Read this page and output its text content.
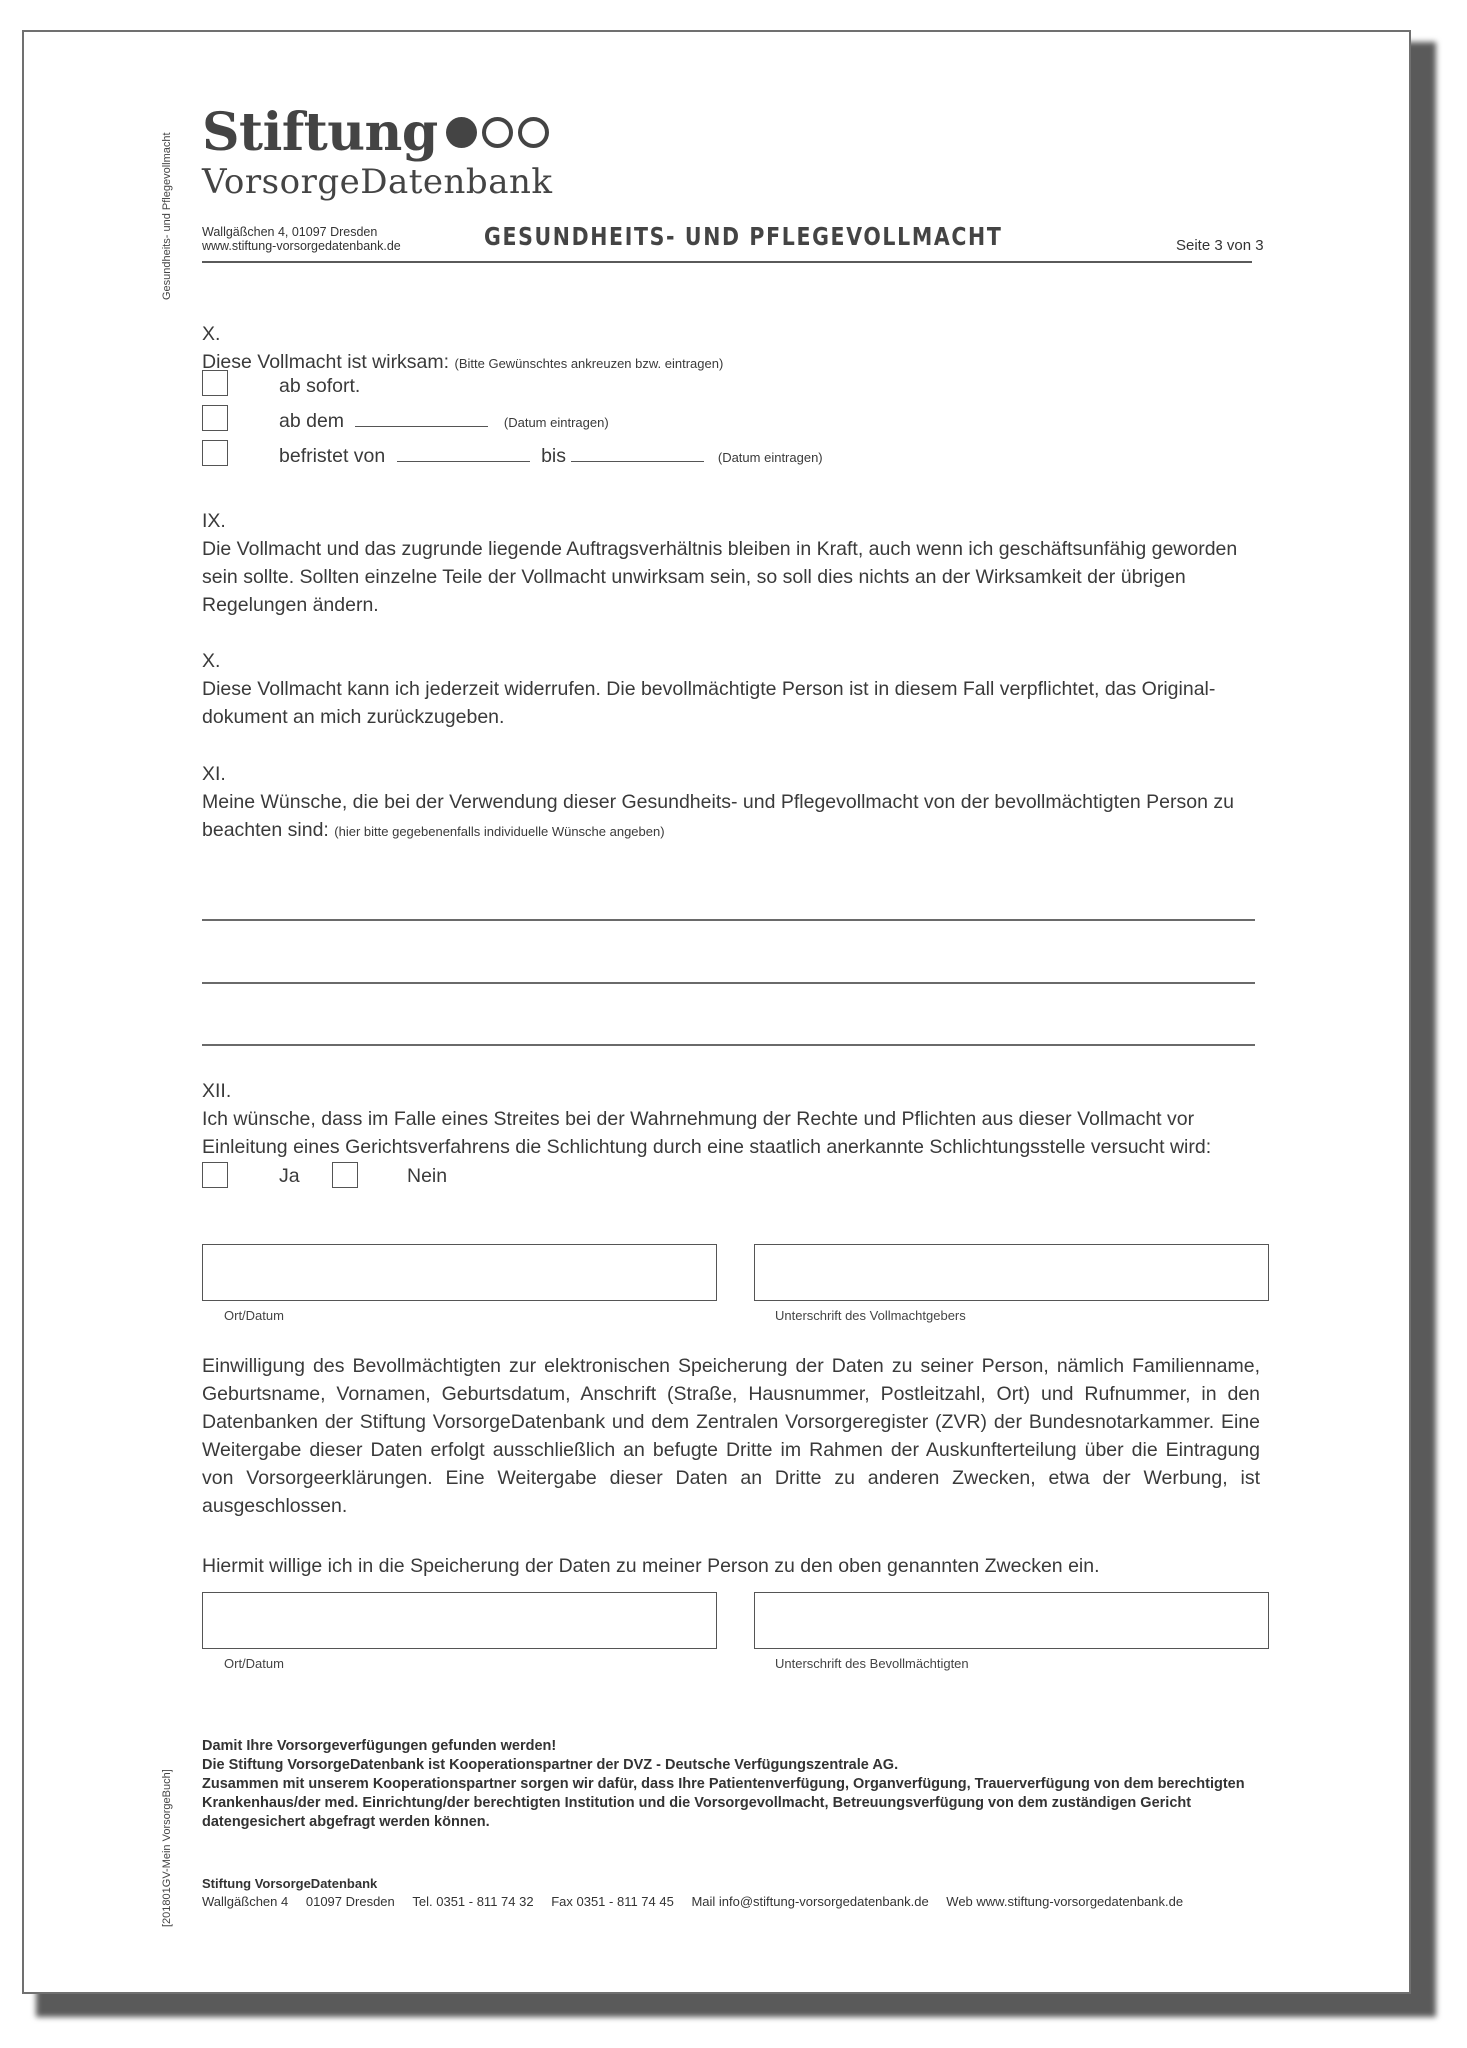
Gesundheits- und Pflegevollmacht
[201801GV-Mein VorsorgeBuch]
Stiftung
VorsorgeDatenbank
Wallgäßchen 4, 01097 Dresden
www.stiftung-vorsorgedatenbank.de	GESUNDHEITS- UND PFLEGEVOLLMACHT	Seite 3 von 3
X.
Diese Vollmacht ist wirksam: (Bitte Gewünschtes ankreuzen bzw. eintragen)
ab sofort.
ab dem	(Datum eintragen)
befristet von	bis	(Datum eintragen)
IX.
Die Vollmacht und das zugrunde liegende Auftragsverhältnis bleiben in Kraft, auch wenn ich geschäftsunfähig geworden sein sollte. Sollten einzelne Teile der Vollmacht unwirksam sein, so soll dies nichts an der Wirksamkeit der übrigen Regelungen ändern.
X.
Diese Vollmacht kann ich jederzeit widerrufen. Die bevollmächtigte Person ist in diesem Fall verpflichtet, das Original-dokument an mich zurückzugeben.
XI.
Meine Wünsche, die bei der Verwendung dieser Gesundheits- und Pflegevollmacht von der bevollmächtigten Person zu beachten sind: (hier bitte gegebenenfalls individuelle Wünsche angeben)
XII.
Ich wünsche, dass im Falle eines Streites bei der Wahrnehmung der Rechte und Pflichten aus dieser Vollmacht vor Einleitung eines Gerichtsverfahrens die Schlichtung durch eine staatlich anerkannte Schlichtungsstelle versucht wird:
Ja	Nein
Ort/Datum	Unterschrift des Vollmachtgebers
Einwilligung des Bevollmächtigten zur elektronischen Speicherung der Daten zu seiner Person, nämlich Familienname, Geburtsname, Vornamen, Geburtsdatum, Anschrift (Straße, Hausnummer, Postleitzahl, Ort) und Rufnummer, in den Datenbanken der Stiftung VorsorgeDatenbank und dem Zentralen Vorsorgeregister (ZVR) der Bundesnotarkammer. Eine Weitergabe dieser Daten erfolgt ausschließlich an befugte Dritte im Rahmen der Auskunfterteilung über die Eintragung von Vorsorgeerklärungen. Eine Weitergabe dieser Daten an Dritte zu anderen Zwecken, etwa der Werbung, ist ausgeschlossen.
Hiermit willige ich in die Speicherung der Daten zu meiner Person zu den oben genannten Zwecken ein.
Ort/Datum	Unterschrift des Bevollmächtigten
Damit Ihre Vorsorgeverfügungen gefunden werden!
Die Stiftung VorsorgeDatenbank ist Kooperationspartner der DVZ - Deutsche Verfügungszentrale AG.
Zusammen mit unserem Kooperationspartner sorgen wir dafür, dass Ihre Patientenverfügung, Organverfügung, Trauerverfügung von dem berechtigten Krankenhaus/der med. Einrichtung/der berechtigten Institution und die Vorsorgevollmacht, Betreuungsverfügung von dem zuständigen Gericht datengesichert abgefragt werden können.
Stiftung VorsorgeDatenbank
Wallgäßchen 4 01097 Dresden Tel. 0351 - 811 74 32 Fax 0351 - 811 74 45 Mail info@stiftung-vorsorgedatenbank.de Web www.stiftung-vorsorgedatenbank.de
